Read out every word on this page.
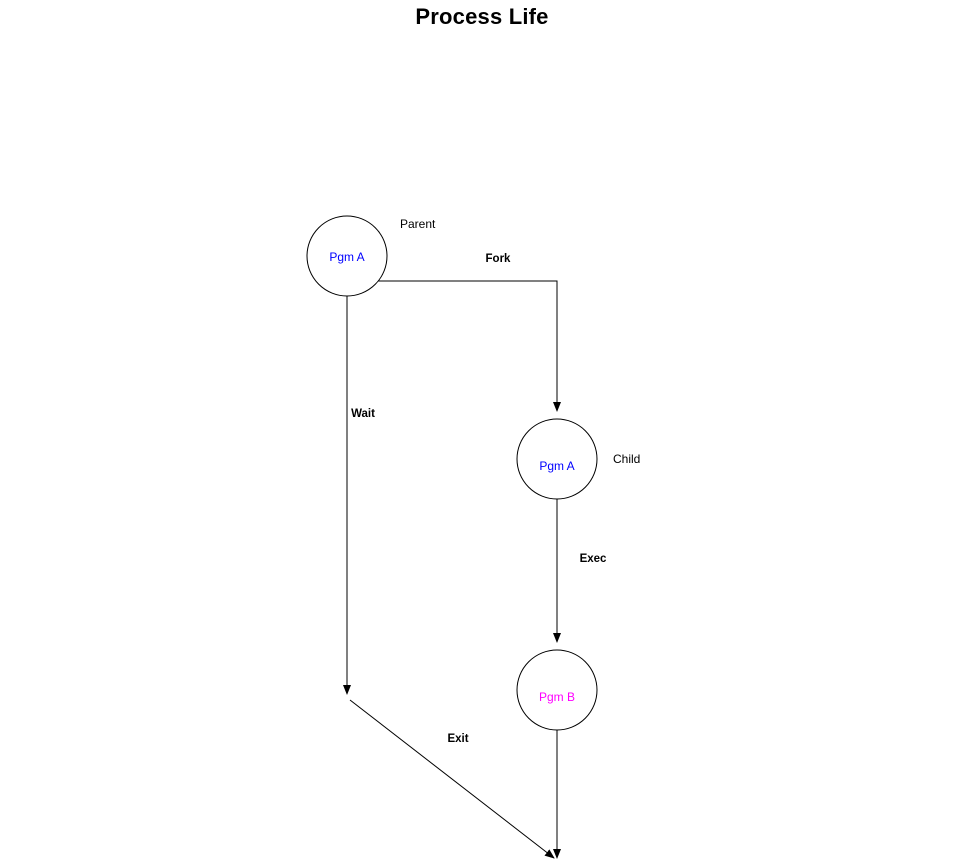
Process Life
Pgm A
Parent
Pgm A	Child
Pgm B
Fork
Wait
Exec
Exit
